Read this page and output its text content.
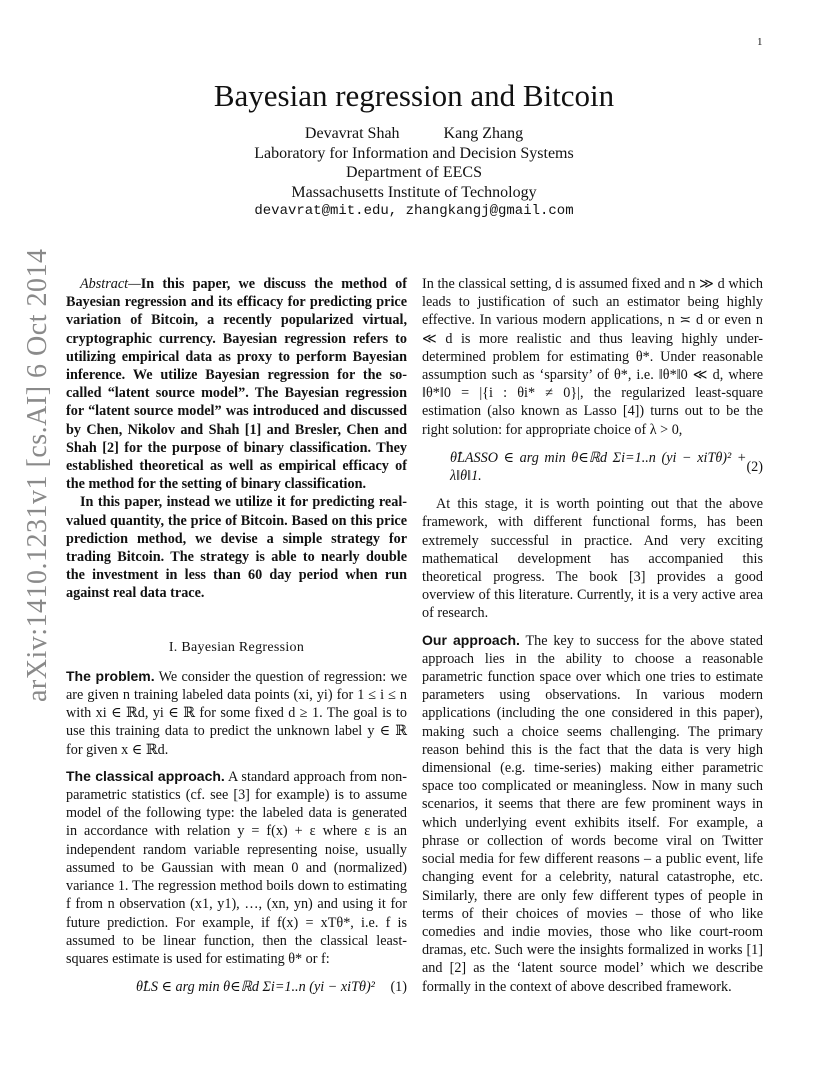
1
arXiv:1410.1231v1 [cs.AI] 6 Oct 2014
Bayesian regression and Bitcoin
Devavrat Shah	Kang Zhang
Laboratory for Information and Decision Systems
Department of EECS
Massachusetts Institute of Technology
devavrat@mit.edu, zhangkangj@gmail.com

Abstract—In this paper, we discuss the method of Bayesian regression and its efficacy for predicting price variation of Bitcoin, a recently popularized virtual, cryptographic currency. Bayesian regression refers to utilizing empirical data as proxy to perform Bayesian inference. We utilize Bayesian regression for the so-called “latent source model”. The Bayesian regression for “latent source model” was introduced and discussed by Chen, Nikolov and Shah [1] and Bresler, Chen and Shah [2] for the purpose of binary classification. They established theoretical as well as empirical efficacy of the method for the setting of binary classification.

In this paper, instead we utilize it for predicting real-valued quantity, the price of Bitcoin. Based on this price prediction method, we devise a simple strategy for trading Bitcoin. The strategy is able to nearly double the investment in less than 60 day period when run against real data trace.

I. Bayesian Regression

The problem. We consider the question of regression: we are given n training labeled data points (xi, yi) for 1 ≤ i ≤ n with xi ∈ ℝd, yi ∈ ℝ for some fixed d ≥ 1. The goal is to use this training data to predict the unknown label y ∈ ℝ for given x ∈ ℝd.

The classical approach. A standard approach from non-parametric statistics (cf. see [3] for example) is to assume model of the following type: the labeled data is generated in accordance with relation y = f(x) + ε where ε is an independent random variable representing noise, usually assumed to be Gaussian with mean 0 and (normalized) variance 1. The regression method boils down to estimating f from n observation (x1, y1), …, (xn, yn) and using it for future prediction. For example, if f(x) = xTθ*, i.e. f is assumed to be linear function, then the classical least-squares estimate is used for estimating θ* or f:

θ̂LS ∈ arg min θ∈ℝd Σi=1..n (yi − xiTθ)² (1)

In the classical setting, d is assumed fixed and n ≫ d which leads to justification of such an estimator being highly effective. In various modern applications, n ≍ d or even n ≪ d is more realistic and thus leaving highly under-determined problem for estimating θ*. Under reasonable assumption such as ‘sparsity’ of θ*, i.e. ‖θ*‖0 ≪ d, where ‖θ*‖0 = |{i : θi* ≠ 0}|, the regularized least-square estimation (also known as Lasso [4]) turns out to be the right solution: for appropriate choice of λ > 0,

θ̂LASSO ∈ arg min θ∈ℝd Σi=1..n (yi − xiTθ)² + λ‖θ‖1.
(2)

At this stage, it is worth pointing out that the above framework, with different functional forms, has been extremely successful in practice. And very exciting mathematical development has accompanied this theoretical progress. The book [3] provides a good overview of this literature. Currently, it is a very active area of research.

Our approach. The key to success for the above stated approach lies in the ability to choose a reasonable parametric function space over which one tries to estimate parameters using observations. In various modern applications (including the one considered in this paper), making such a choice seems challenging. The primary reason behind this is the fact that the data is very high dimensional (e.g. time-series) making either parametric space too complicated or meaningless. Now in many such scenarios, it seems that there are few prominent ways in which underlying event exhibits itself. For example, a phrase or collection of words become viral on Twitter social media for few different reasons – a public event, life changing event for a celebrity, natural catastrophe, etc. Similarly, there are only few different types of people in terms of their choices of movies – those of who like comedies and indie movies, those who like court-room dramas, etc. Such were the insights formalized in works [1] and [2] as the ‘latent source model’ which we describe formally in the context of above described framework.
